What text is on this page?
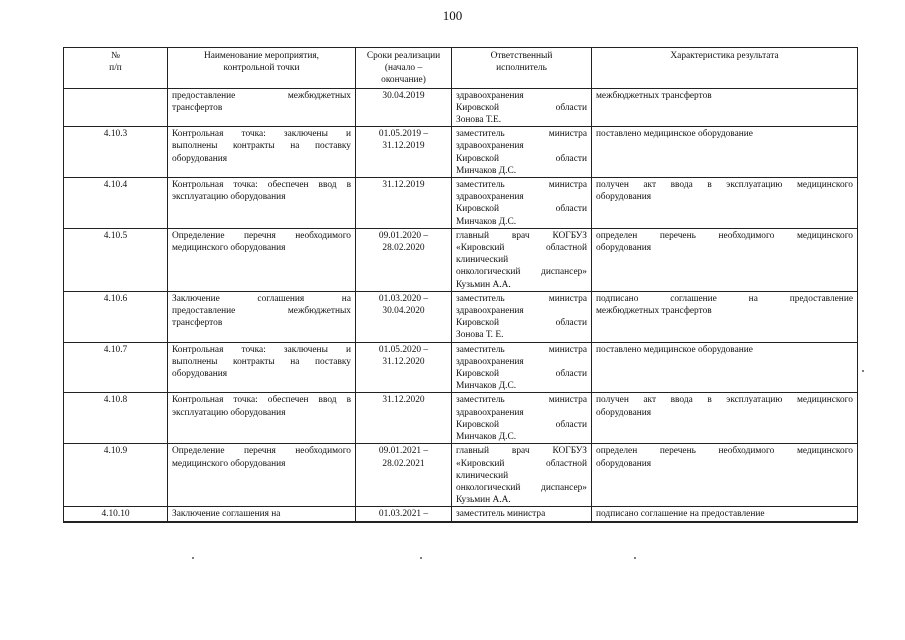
100
№
п/п	Наименование мероприятия,
контрольной точки	Сроки реализации
(начало –
окончание)	Ответственный
исполнитель	Характеристика результата

	предоставление межбюджетных
трансфертов	30.04.2019	здравоохранения
Кировской области
Зонова Т.Е.	межбюджетных трансфертов

4.10.3	Контрольная точка: заключены и
выполнены контракты на поставку
оборудования	01.05.2019 –
31.12.2019	заместитель министра
здравоохранения
Кировской области
Минчаков Д.С.	поставлено медицинское оборудование

4.10.4	Контрольная точка: обеспечен ввод в
эксплуатацию оборудования	31.12.2019	заместитель министра
здравоохранения
Кировской области
Минчаков Д.С.	получен акт ввода в эксплуатацию медицинского
оборудования

4.10.5	Определение перечня необходимого
медицинского оборудования	09.01.2020 –
28.02.2020	главный врач КОГБУЗ
«Кировский областной
клинический
онкологический диспансер»
Кузьмин А.А.	определен перечень необходимого медицинского
оборудования

4.10.6	Заключение соглашения на
предоставление межбюджетных
трансфертов	01.03.2020 –
30.04.2020	заместитель министра
здравоохранения
Кировской области
Зонова Т. Е.	подписано соглашение на предоставление
межбюджетных трансфертов

4.10.7	Контрольная точка: заключены и
выполнены контракты на поставку
оборудования	01.05.2020 –
31.12.2020	заместитель министра
здравоохранения
Кировской области
Минчаков Д.С.	поставлено медицинское оборудование

4.10.8	Контрольная точка: обеспечен ввод в
эксплуатацию оборудования	31.12.2020	заместитель министра
здравоохранения
Кировской области
Минчаков Д.С.	получен акт ввода в эксплуатацию медицинского
оборудования

4.10.9	Определение перечня необходимого
медицинского оборудования	09.01.2021 –
28.02.2021	главный врач КОГБУЗ
«Кировский областной
клинический
онкологический диспансер»
Кузьмин А.А.	определен перечень необходимого медицинского
оборудования

4.10.10	Заключение соглашения на	01.03.2021 –	заместитель министра	подписано соглашение на предоставление
